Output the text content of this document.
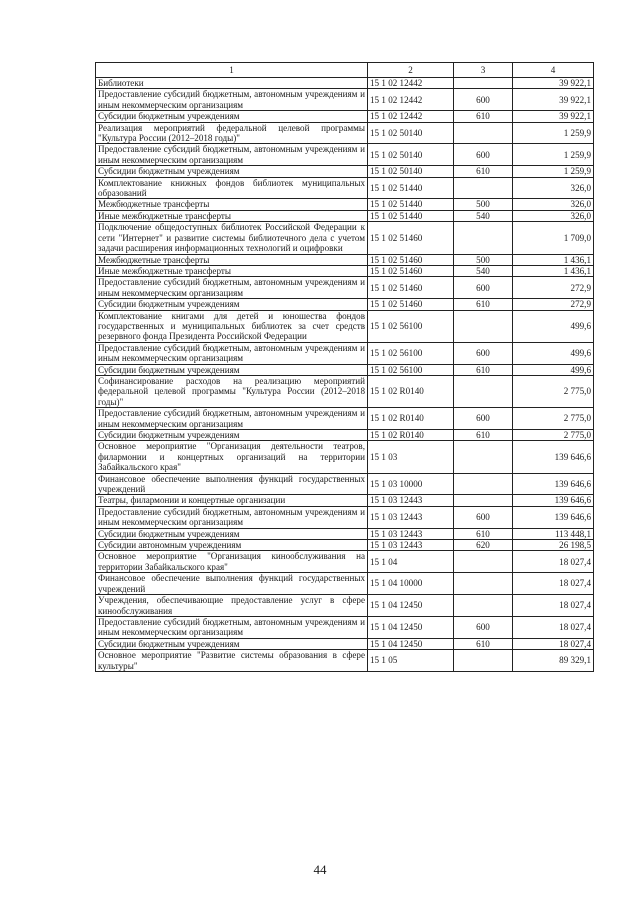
1	2	3	4
Библиотеки	15 1 02 12442		39 922,1
Предоставление субсидий бюджетным, автономным учреждениям и иным некоммерческим организациям	15 1 02 12442	600	39 922,1
Субсидии бюджетным учреждениям	15 1 02 12442	610	39 922,1
Реализация мероприятий федеральной целевой программы "Культура России (2012–2018 годы)"	15 1 02 50140		1 259,9
Предоставление субсидий бюджетным, автономным учреждениям и иным некоммерческим организациям	15 1 02 50140	600	1 259,9
Субсидии бюджетным учреждениям	15 1 02 50140	610	1 259,9
Комплектование книжных фондов библиотек муниципальных образований	15 1 02 51440		326,0
Межбюджетные трансферты	15 1 02 51440	500	326,0
Иные межбюджетные трансферты	15 1 02 51440	540	326,0
Подключение общедоступных библиотек Российской Федерации к сети "Интернет" и развитие системы библиотечного дела с учетом задачи расширения информационных технологий и оцифровки	15 1 02 51460		1 709,0
Межбюджетные трансферты	15 1 02 51460	500	1 436,1
Иные межбюджетные трансферты	15 1 02 51460	540	1 436,1
Предоставление субсидий бюджетным, автономным учреждениям и иным некоммерческим организациям	15 1 02 51460	600	272,9
Субсидии бюджетным учреждениям	15 1 02 51460	610	272,9
Комплектование книгами для детей и юношества фондов государственных и муниципальных библиотек за счет средств резервного фонда Президента Российской Федерации	15 1 02 56100		499,6
Предоставление субсидий бюджетным, автономным учреждениям и иным некоммерческим организациям	15 1 02 56100	600	499,6
Субсидии бюджетным учреждениям	15 1 02 56100	610	499,6
Софинансирование расходов на реализацию мероприятий федеральной целевой программы "Культура России (2012–2018 годы)"	15 1 02 R0140		2 775,0
Предоставление субсидий бюджетным, автономным учреждениям и иным некоммерческим организациям	15 1 02 R0140	600	2 775,0
Субсидии бюджетным учреждениям	15 1 02 R0140	610	2 775,0
Основное мероприятие "Организация деятельности театров, филармонии и концертных организаций на территории Забайкальского края"	15 1 03		139 646,6
Финансовое обеспечение выполнения функций государственных учреждений	15 1 03 10000		139 646,6
Театры, филармонии и концертные организации	15 1 03 12443		139 646,6
Предоставление субсидий бюджетным, автономным учреждениям и иным некоммерческим организациям	15 1 03 12443	600	139 646,6
Субсидии бюджетным учреждениям	15 1 03 12443	610	113 448,1
Субсидии автономным учреждениям	15 1 03 12443	620	26 198,5
Основное мероприятие "Организация кинообслуживания на территории Забайкальского края"	15 1 04		18 027,4
Финансовое обеспечение выполнения функций государственных учреждений	15 1 04 10000		18 027,4
Учреждения, обеспечивающие предоставление услуг в сфере кинообслуживания	15 1 04 12450		18 027,4
Предоставление субсидий бюджетным, автономным учреждениям и иным некоммерческим организациям	15 1 04 12450	600	18 027,4
Субсидии бюджетным учреждениям	15 1 04 12450	610	18 027,4
Основное мероприятие "Развитие системы образования в сфере культуры"	15 1 05		89 329,1
44
